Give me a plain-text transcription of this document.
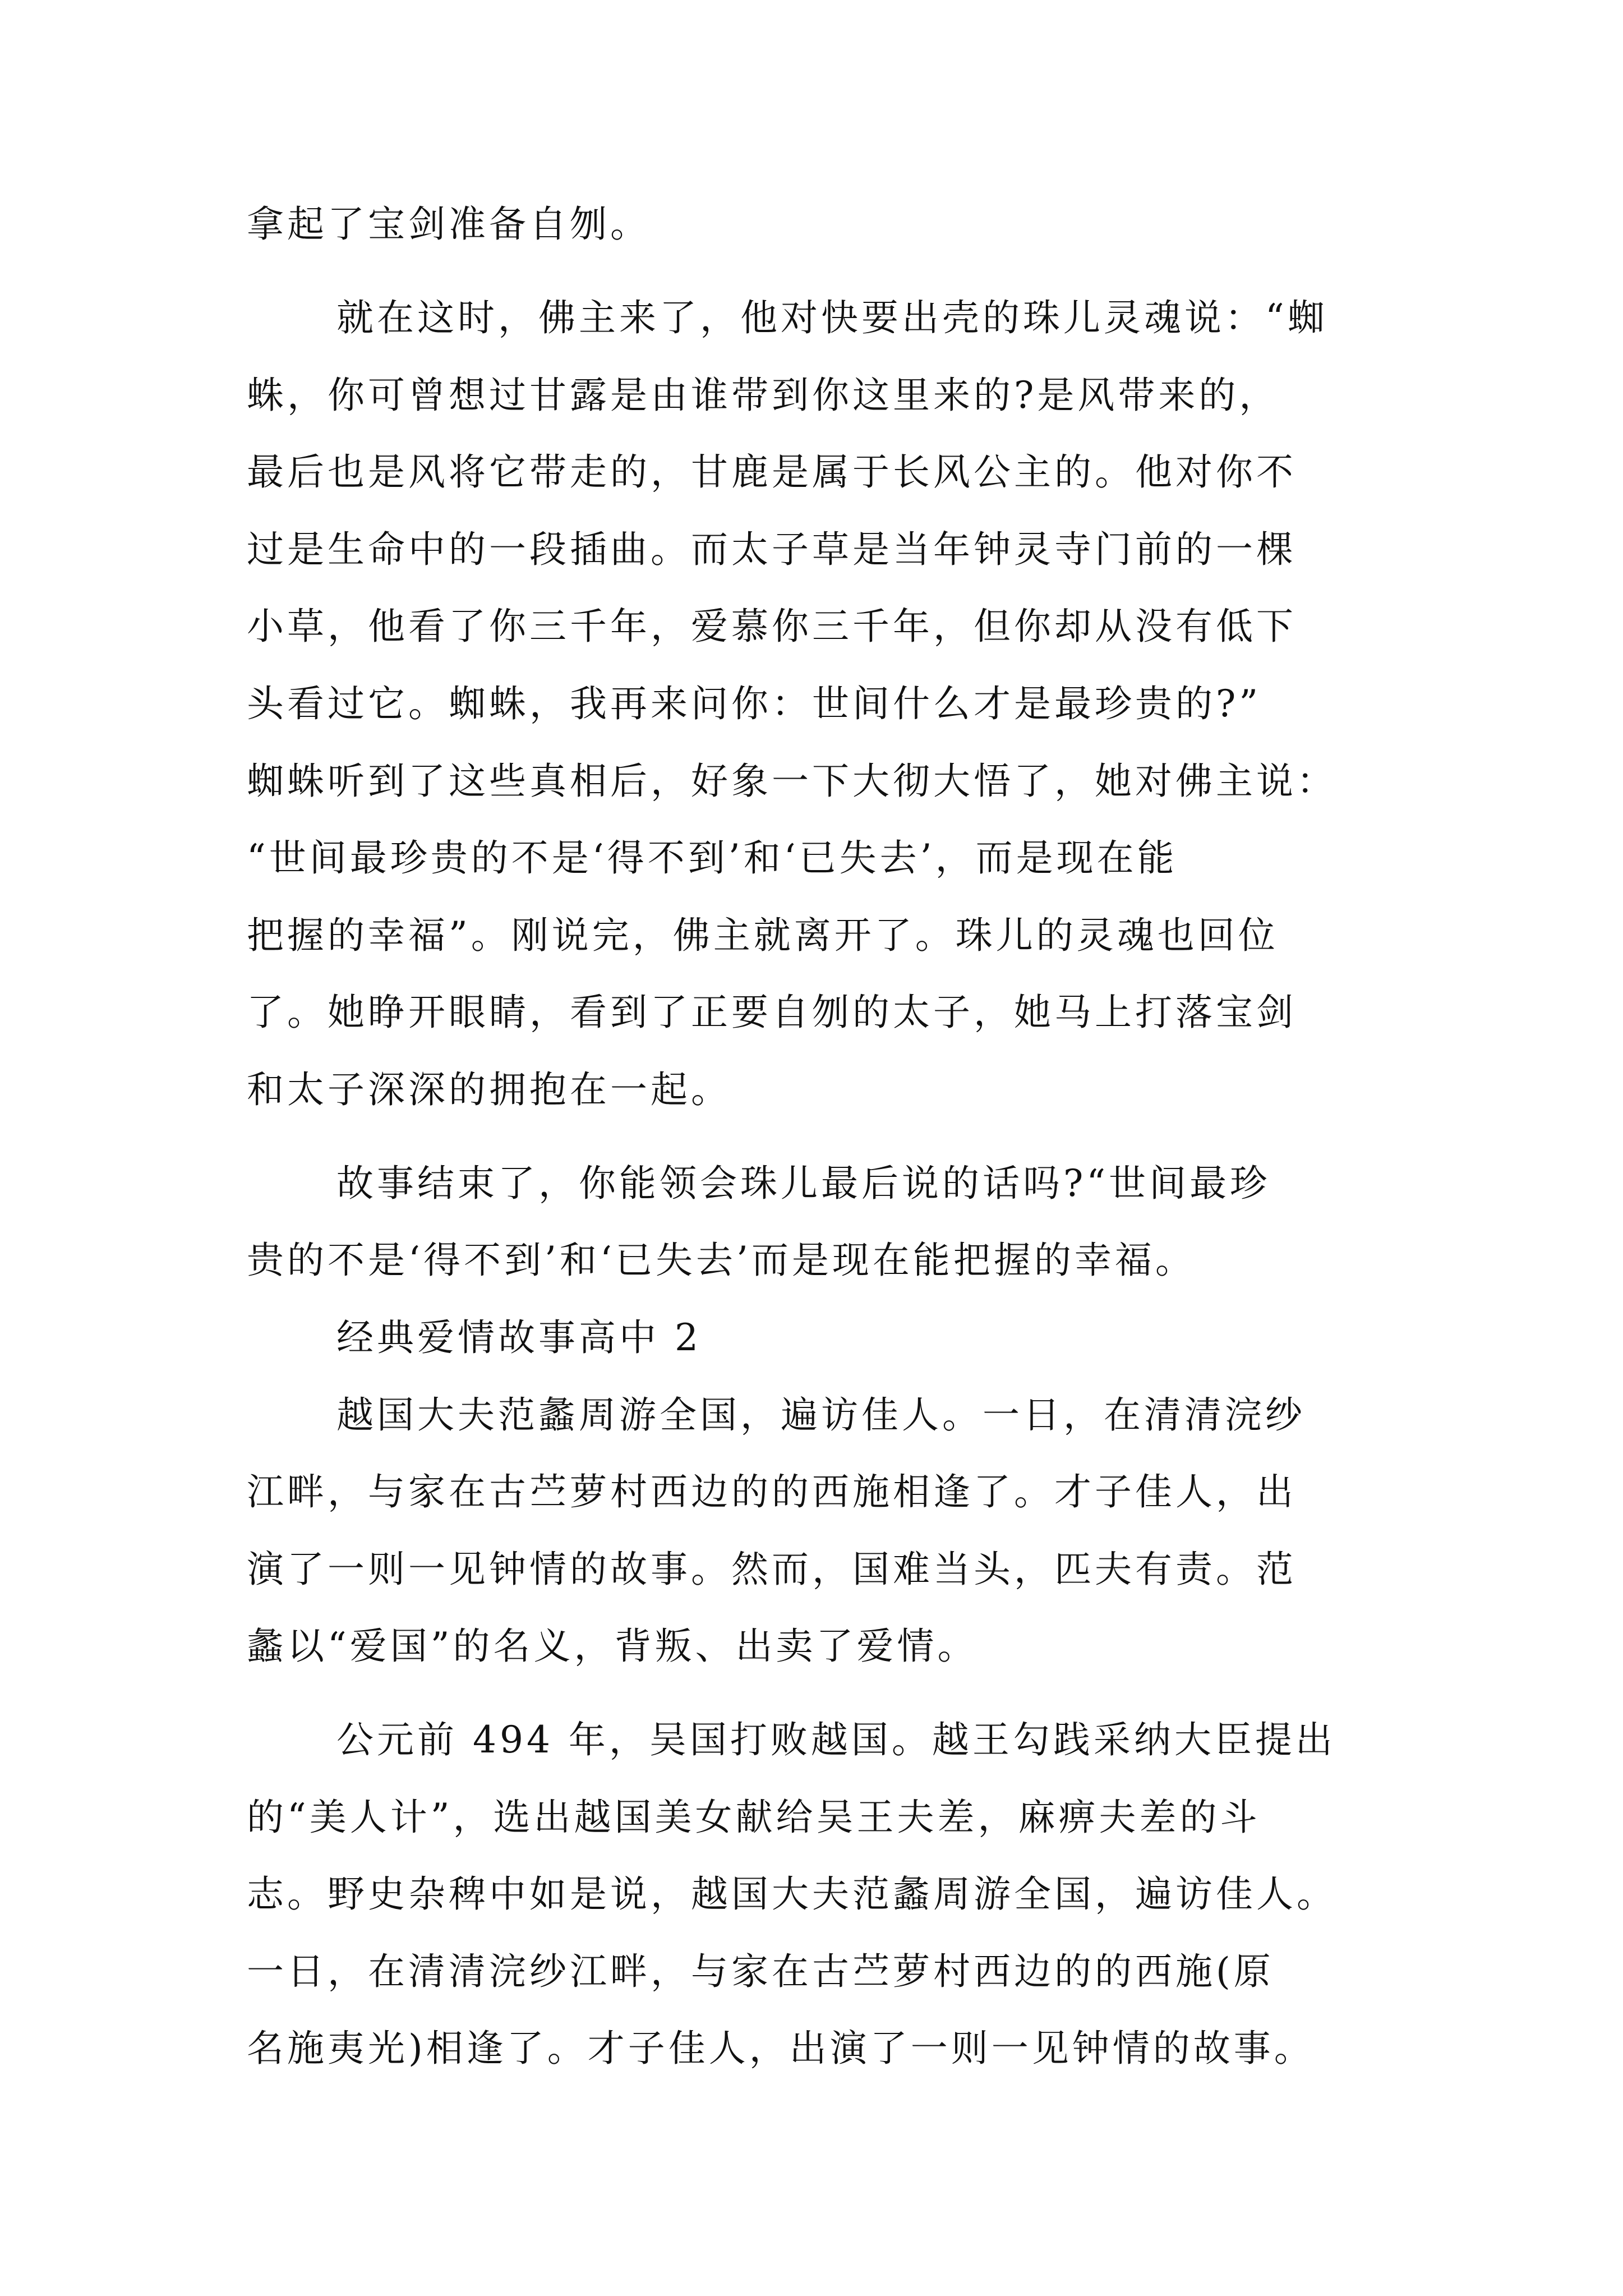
拿起了宝剑准备自刎。

就在这时，佛主来了，他对快要出壳的珠儿灵魂说：“蜘

蛛，你可曾想过甘露是由谁带到你这里来的?是风带来的，

最后也是风将它带走的，甘鹿是属于长风公主的。他对你不

过是生命中的一段插曲。而太子草是当年钟灵寺门前的一棵

小草，他看了你三千年，爱慕你三千年，但你却从没有低下

头看过它。蜘蛛，我再来问你：世间什么才是最珍贵的?”

蜘蛛听到了这些真相后，好象一下大彻大悟了，她对佛主说：

“世间最珍贵的不是‘得不到’和‘已失去’，而是现在能

把握的幸福”。刚说完，佛主就离开了。珠儿的灵魂也回位

了。她睁开眼睛，看到了正要自刎的太子，她马上打落宝剑

和太子深深的拥抱在一起。

故事结束了，你能领会珠儿最后说的话吗?“世间最珍

贵的不是‘得不到’和‘已失去’而是现在能把握的幸福。

经典爱情故事高中 2

越国大夫范蠡周游全国，遍访佳人。一日，在清清浣纱

江畔，与家在古苎萝村西边的的西施相逢了。才子佳人，出

演了一则一见钟情的故事。然而，国难当头，匹夫有责。范

蠡以“爱国”的名义，背叛、出卖了爱情。

公元前 494 年，吴国打败越国。越王勾践采纳大臣提出

的“美人计”，选出越国美女献给吴王夫差，麻痹夫差的斗

志。野史杂稗中如是说，越国大夫范蠡周游全国，遍访佳人。

一日，在清清浣纱江畔，与家在古苎萝村西边的的西施(原

名施夷光)相逢了。才子佳人，出演了一则一见钟情的故事。
